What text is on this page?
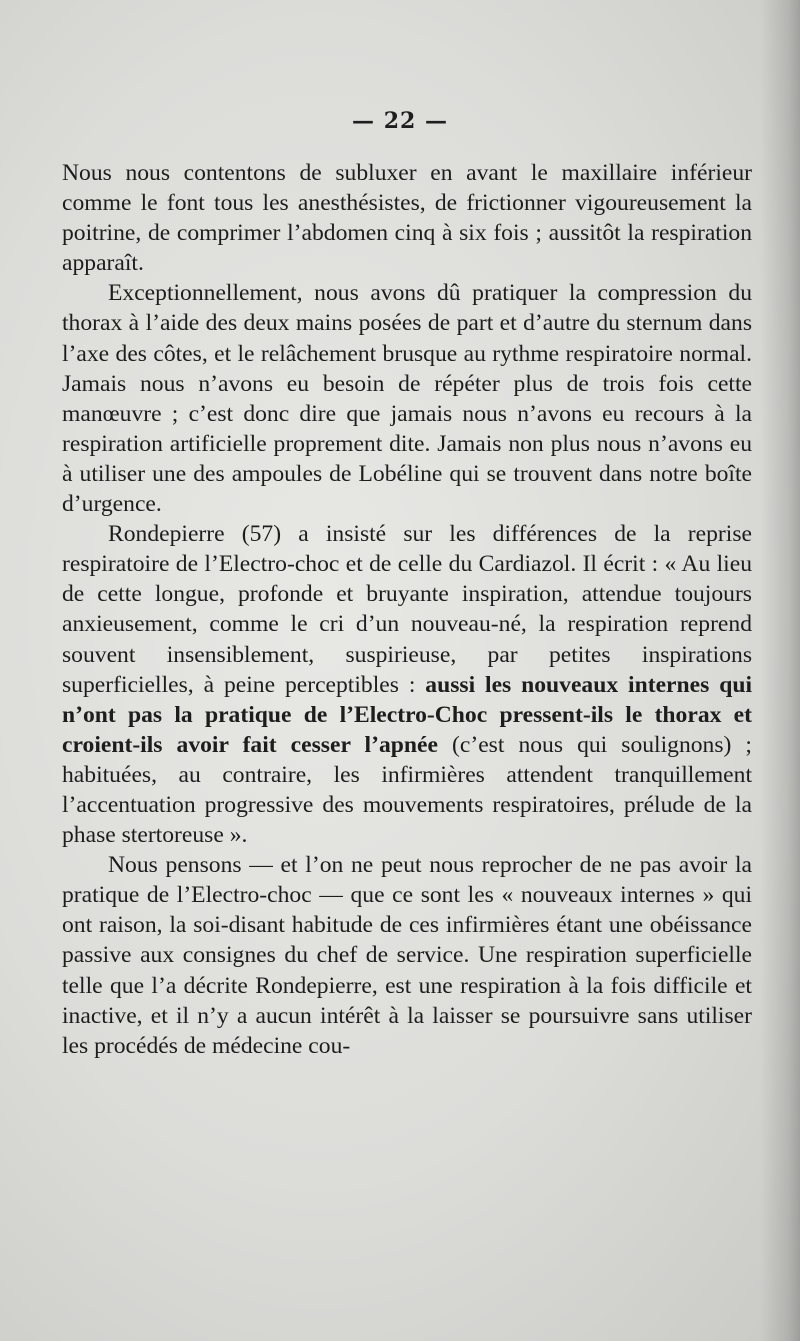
— 22 —

Nous nous contentons de subluxer en avant le maxillaire inférieur comme le font tous les anesthésistes, de frictionner vigoureusement la poitrine, de comprimer l’abdomen cinq à six fois ; aussitôt la respiration apparaît.

Exceptionnellement, nous avons dû pratiquer la compression du thorax à l’aide des deux mains posées de part et d’autre du sternum dans l’axe des côtes, et le relâchement brusque au rythme respiratoire normal. Jamais nous n’avons eu besoin de répéter plus de trois fois cette manœuvre ; c’est donc dire que jamais nous n’avons eu recours à la respiration artificielle proprement dite. Jamais non plus nous n’avons eu à utiliser une des ampoules de Lobéline qui se trouvent dans notre boîte d’urgence.

Rondepierre (57) a insisté sur les différences de la reprise respiratoire de l’Electro-choc et de celle du Cardiazol. Il écrit : « Au lieu de cette longue, profonde et bruyante inspiration, attendue toujours anxieusement, comme le cri d’un nouveau-né, la respiration reprend souvent insensiblement, suspirieuse, par petites inspirations superficielles, à peine perceptibles : aussi les nouveaux internes qui n’ont pas la pratique de l’Electro-Choc pressent-ils le thorax et croient-ils avoir fait cesser l’apnée (c’est nous qui soulignons) ; habituées, au contraire, les infirmières attendent tranquillement l’accentuation progressive des mouvements respiratoires, prélude de la phase stertoreuse ».

Nous pensons — et l’on ne peut nous reprocher de ne pas avoir la pratique de l’Electro-choc — que ce sont les « nouveaux internes » qui ont raison, la soi-disant habitude de ces infirmières étant une obéissance passive aux consignes du chef de service. Une respiration superficielle telle que l’a décrite Rondepierre, est une respiration à la fois difficile et inactive, et il n’y a aucun intérêt à la laisser se poursuivre sans utiliser les procédés de médecine cou-
